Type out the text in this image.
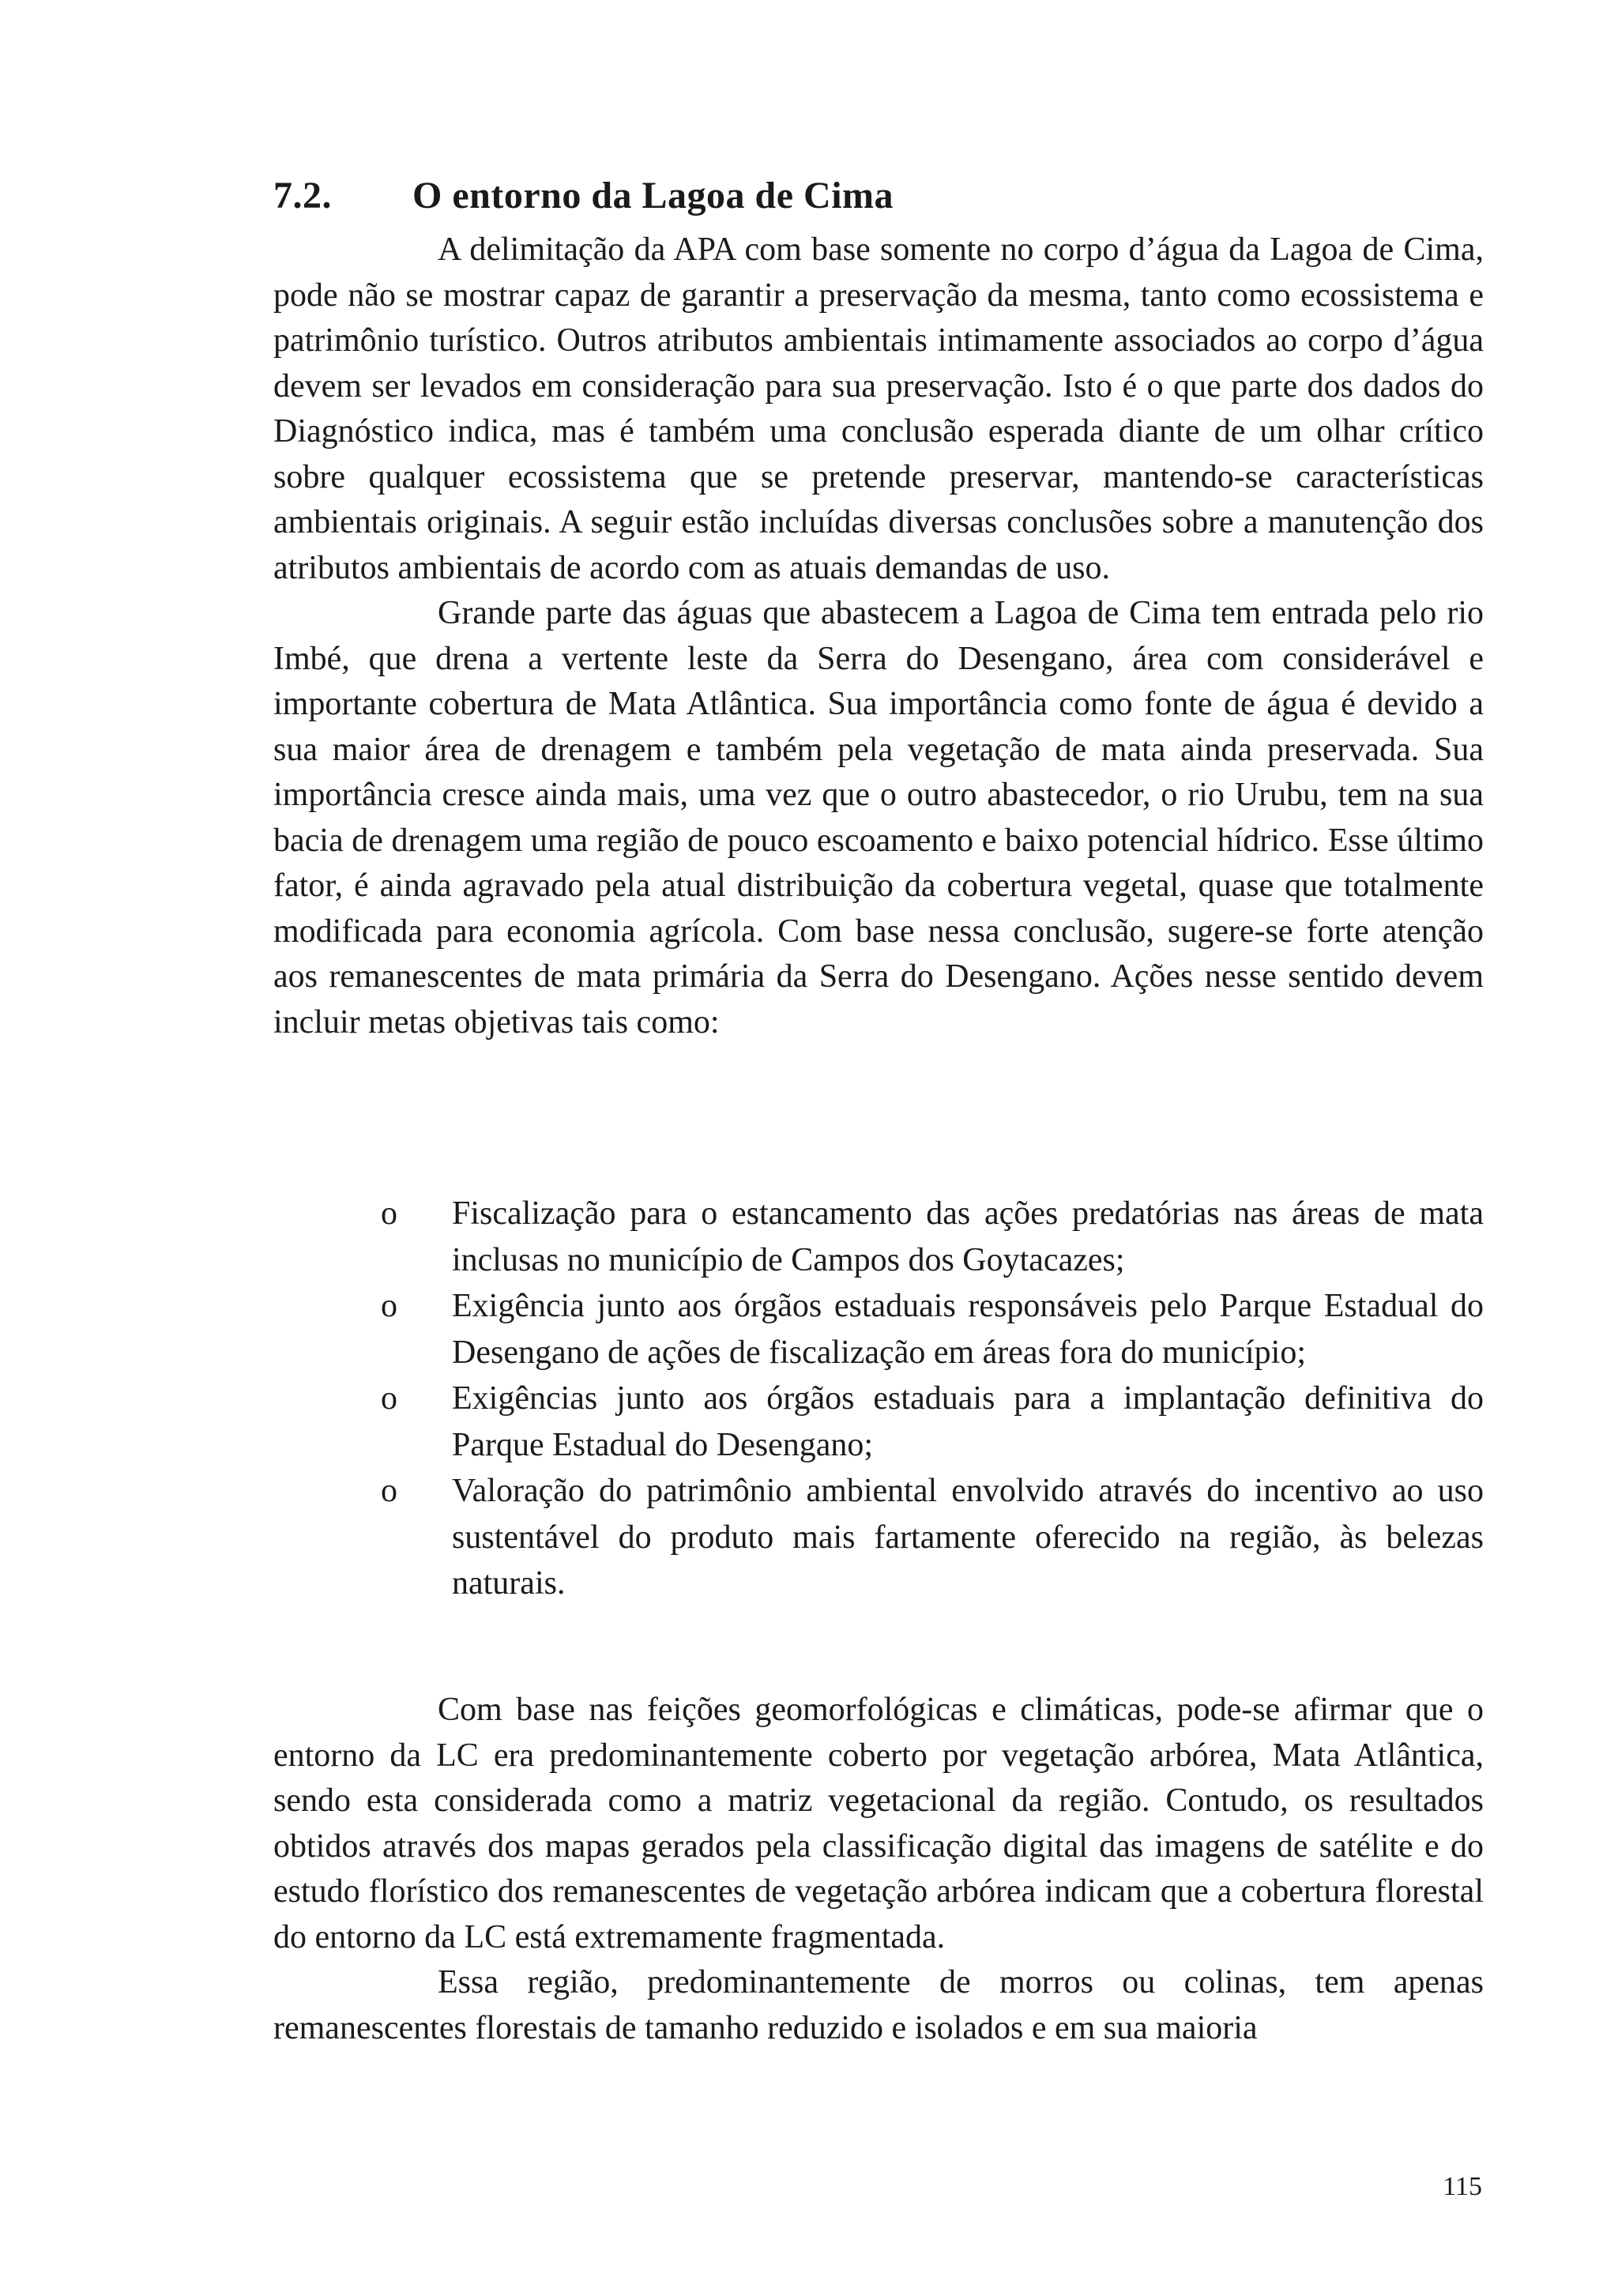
7.2. O entorno da Lagoa de Cima

A delimitação da APA com base somente no corpo d’água da Lagoa de Cima, pode não se mostrar capaz de garantir a preservação da mesma, tanto como ecossistema e patrimônio turístico. Outros atributos ambientais intimamente associados ao corpo d’água devem ser levados em consideração para sua preservação. Isto é o que parte dos dados do Diagnóstico indica, mas é também uma conclusão esperada diante de um olhar crítico sobre qualquer ecossistema que se pretende preservar, mantendo-se características ambientais originais. A seguir estão incluídas diversas conclusões sobre a manutenção dos atributos ambientais de acordo com as atuais demandas de uso.

Grande parte das águas que abastecem a Lagoa de Cima tem entrada pelo rio Imbé, que drena a vertente leste da Serra do Desengano, área com considerável e importante cobertura de Mata Atlântica. Sua importância como fonte de água é devido a sua maior área de drenagem e também pela vegetação de mata ainda preservada. Sua importância cresce ainda mais, uma vez que o outro abastecedor, o rio Urubu, tem na sua bacia de drenagem uma região de pouco escoamento e baixo potencial hídrico. Esse último fator, é ainda agravado pela atual distribuição da cobertura vegetal, quase que totalmente modificada para economia agrícola. Com base nessa conclusão, sugere-se forte atenção aos remanescentes de mata primária da Serra do Desengano. Ações nesse sentido devem incluir metas objetivas tais como:

o Fiscalização para o estancamento das ações predatórias nas áreas de mata inclusas no município de Campos dos Goytacazes;
o Exigência junto aos órgãos estaduais responsáveis pelo Parque Estadual do Desengano de ações de fiscalização em áreas fora do município;
o Exigências junto aos órgãos estaduais para a implantação definitiva do Parque Estadual do Desengano;
o Valoração do patrimônio ambiental envolvido através do incentivo ao uso sustentável do produto mais fartamente oferecido na região, às belezas naturais.

Com base nas feições geomorfológicas e climáticas, pode-se afirmar que o entorno da LC era predominantemente coberto por vegetação arbórea, Mata Atlântica, sendo esta considerada como a matriz vegetacional da região. Contudo, os resultados obtidos através dos mapas gerados pela classificação digital das imagens de satélite e do estudo florístico dos remanescentes de vegetação arbórea indicam que a cobertura florestal do entorno da LC está extremamente fragmentada.

Essa região, predominantemente de morros ou colinas, tem apenas remanescentes florestais de tamanho reduzido e isolados e em sua maioria

115
